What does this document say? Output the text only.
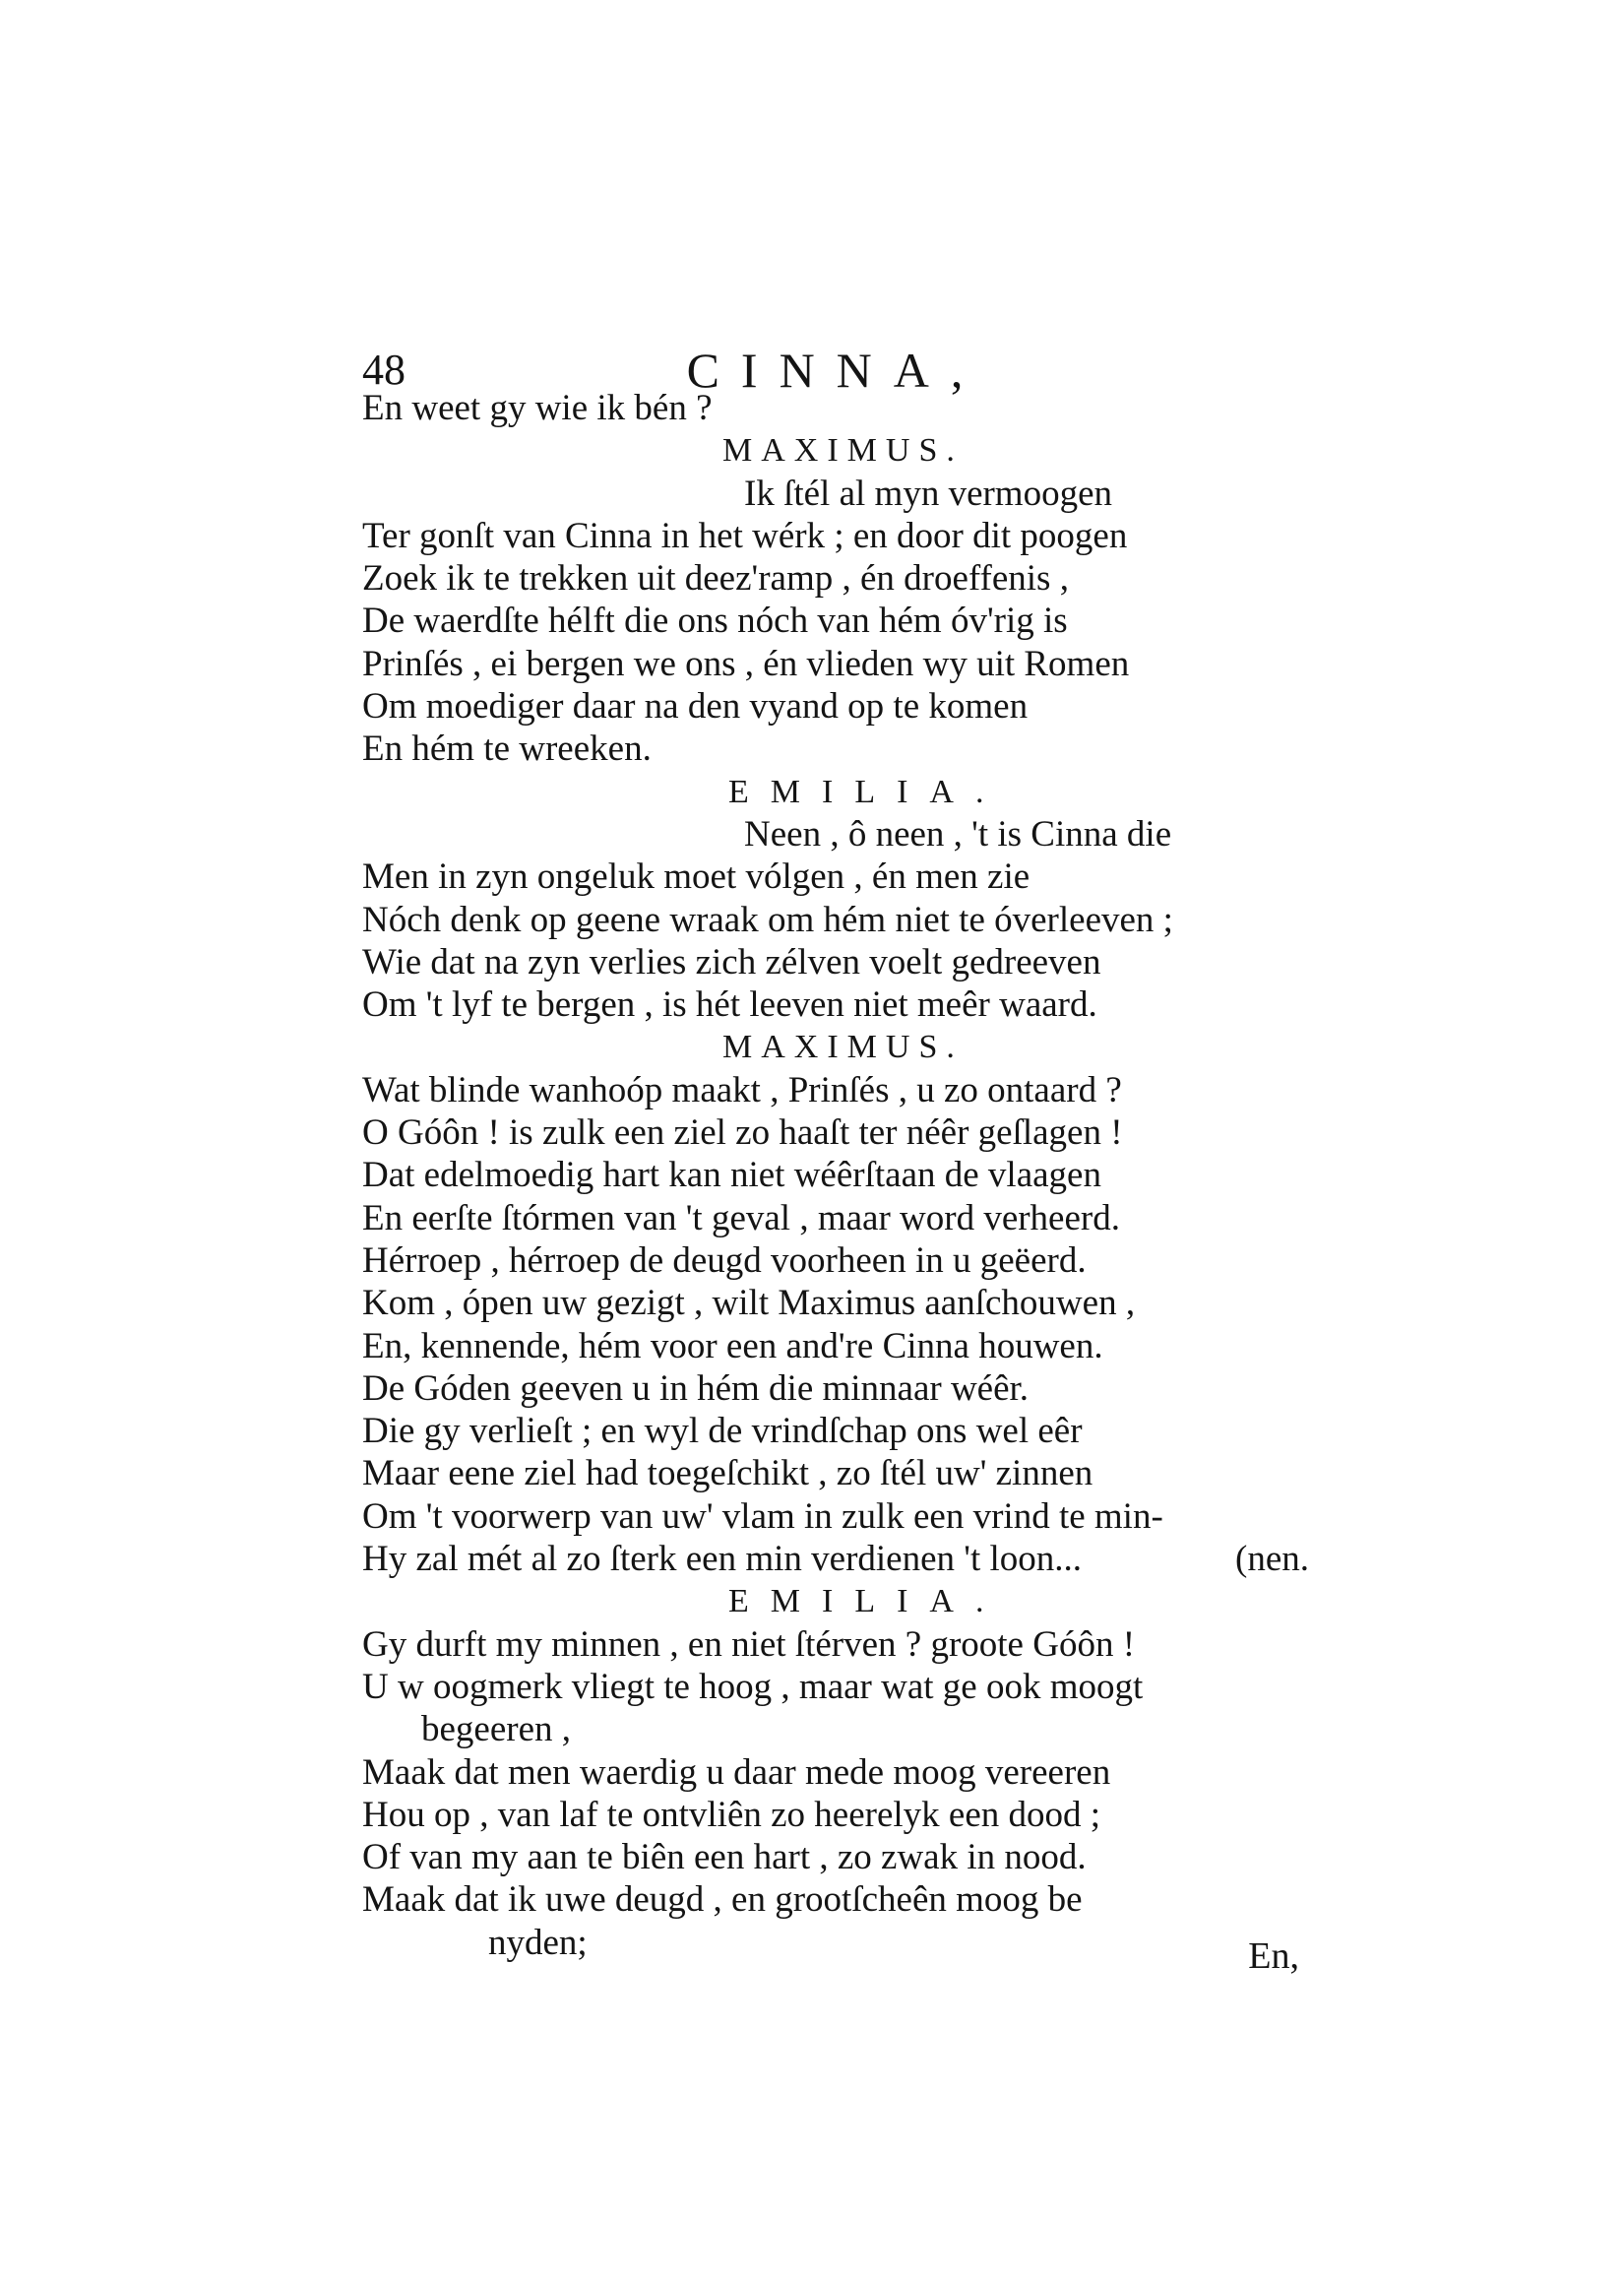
48	CINNA,
En weet gy wie ik bén ?
MAXIMUS.
Ik ſtél al myn vermoogen
Ter gonſt van Cinna in het wérk ; en door dit poogen
Zoek ik te trekken uit deez'ramp , én droeffenis ,
De waerdſte hélft die ons nóch van hém óv'rig is
Prinſés , ei bergen we ons , én vlieden wy uit Romen
Om moediger daar na den vyand op te komen
En hém te wreeken.
EMILIA.
Neen , ô neen , 't is Cinna die
Men in zyn ongeluk moet vólgen , én men zie
Nóch denk op geene wraak om hém niet te óverleeven ;
Wie dat na zyn verlies zich zélven voelt gedreeven
Om 't lyf te bergen , is hét leeven niet meêr waard.
MAXIMUS.
Wat blinde wanhoóp maakt , Prinſés , u zo ontaard ?
O Góôn ! is zulk een ziel zo haaſt ter néêr geſlagen !
Dat edelmoedig hart kan niet wéêrſtaan de vlaagen
En eerſte ſtórmen van 't geval , maar word verheerd.
Hérroep , hérroep de deugd voorheen in u geëerd.
Kom , ópen uw gezigt , wilt Maximus aanſchouwen ,
En, kennende, hém voor een and're Cinna houwen.
De Góden geeven u in hém die minnaar wéêr.
Die gy verlieſt ; en wyl de vrindſchap ons wel eêr
Maar eene ziel had toegeſchikt , zo ſtél uw' zinnen
Om 't voorwerp van uw' vlam in zulk een vrind te min-
Hy zal mét al zo ſterk een min verdienen 't loon...	(nen.
EMILIA.
Gy durft my minnen , en niet ſtérven ? groote Góôn !
U w oogmerk vliegt te hoog , maar wat ge ook moogt
begeeren ,
Maak dat men waerdig u daar mede moog vereeren
Hou op , van laf te ontvliên zo heerelyk een dood ;
Of van my aan te biên een hart , zo zwak in nood.
Maak dat ik uwe deugd , en grootſcheên moog be
nyden;	En,
